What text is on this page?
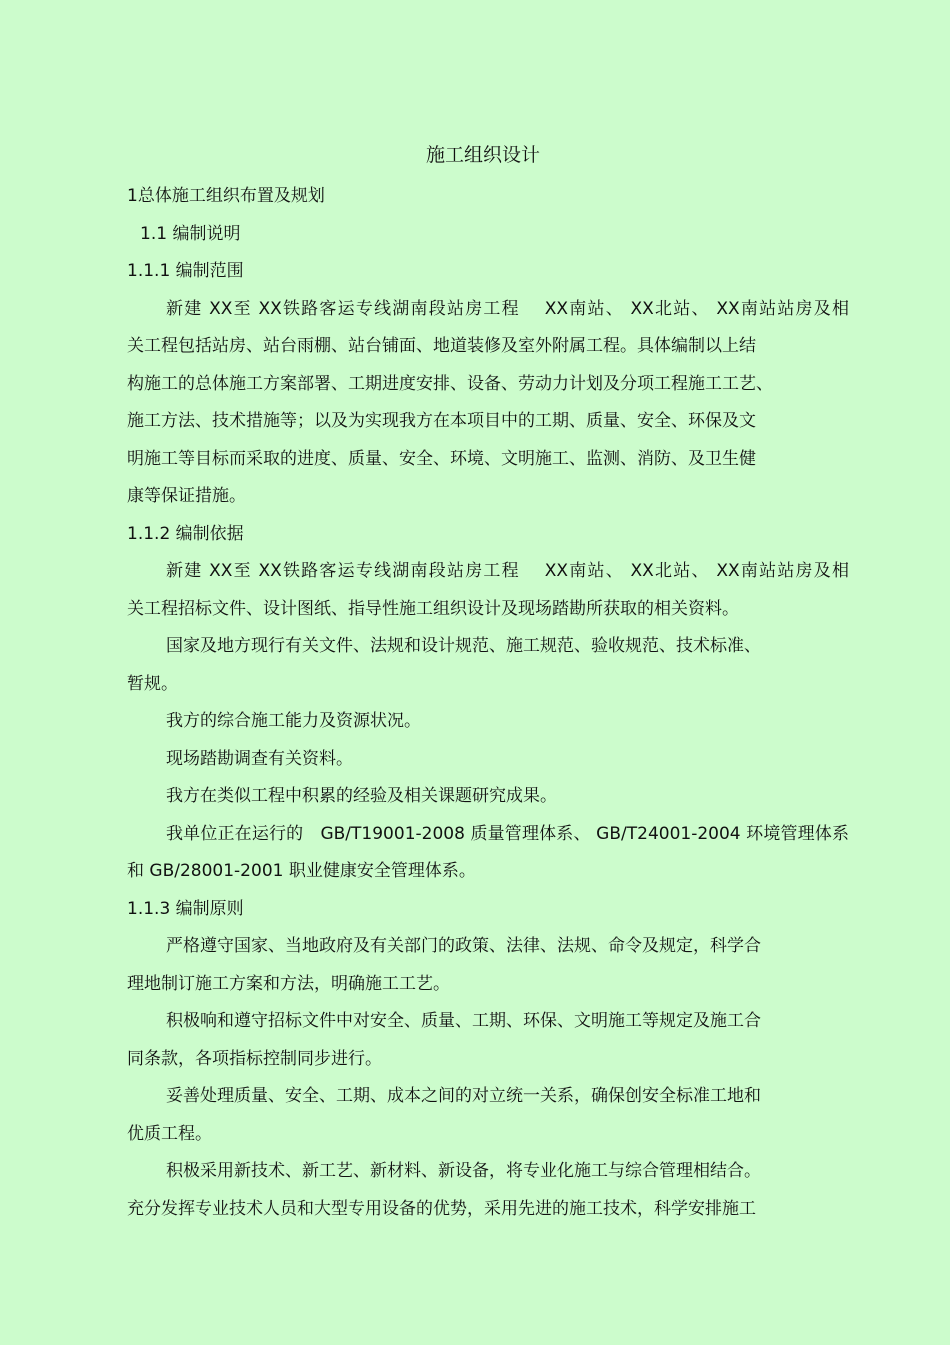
施工组织设计
1总体施工组织布置及规划
1.1 编制说明
1.1.1 编制范围
新建 XX至 XX铁路客运专线湖南段站房工程　 XX南站、 XX北站、 XX南站站房及相
关工程包括站房、站台雨棚、站台铺面、地道装修及室外附属工程。具体编制以上结
构施工的总体施工方案部署、工期进度安排、设备、劳动力计划及分项工程施工工艺、
施工方法、技术措施等；以及为实现我方在本项目中的工期、质量、安全、环保及文
明施工等目标而采取的进度、质量、安全、环境、文明施工、监测、消防、及卫生健
康等保证措施。
1.1.2 编制依据
新建 XX至 XX铁路客运专线湖南段站房工程　 XX南站、 XX北站、 XX南站站房及相
关工程招标文件、设计图纸、指导性施工组织设计及现场踏勘所获取的相关资料。
国家及地方现行有关文件、法规和设计规范、施工规范、验收规范、技术标准、
暂规。
我方的综合施工能力及资源状况。
现场踏勘调查有关资料。
我方在类似工程中积累的经验及相关课题研究成果。
我单位正在运行的　GB/T19001-2008 质量管理体系、 GB/T24001-2004 环境管理体系
和 GB/28001-2001 职业健康安全管理体系。
1.1.3 编制原则
严格遵守国家、当地政府及有关部门的政策、法律、法规、命令及规定，科学合
理地制订施工方案和方法，明确施工工艺。
积极响和遵守招标文件中对安全、质量、工期、环保、文明施工等规定及施工合
同条款，各项指标控制同步进行。
妥善处理质量、安全、工期、成本之间的对立统一关系，确保创安全标准工地和
优质工程。
积极采用新技术、新工艺、新材料、新设备，将专业化施工与综合管理相结合。
充分发挥专业技术人员和大型专用设备的优势，采用先进的施工技术，科学安排施工
